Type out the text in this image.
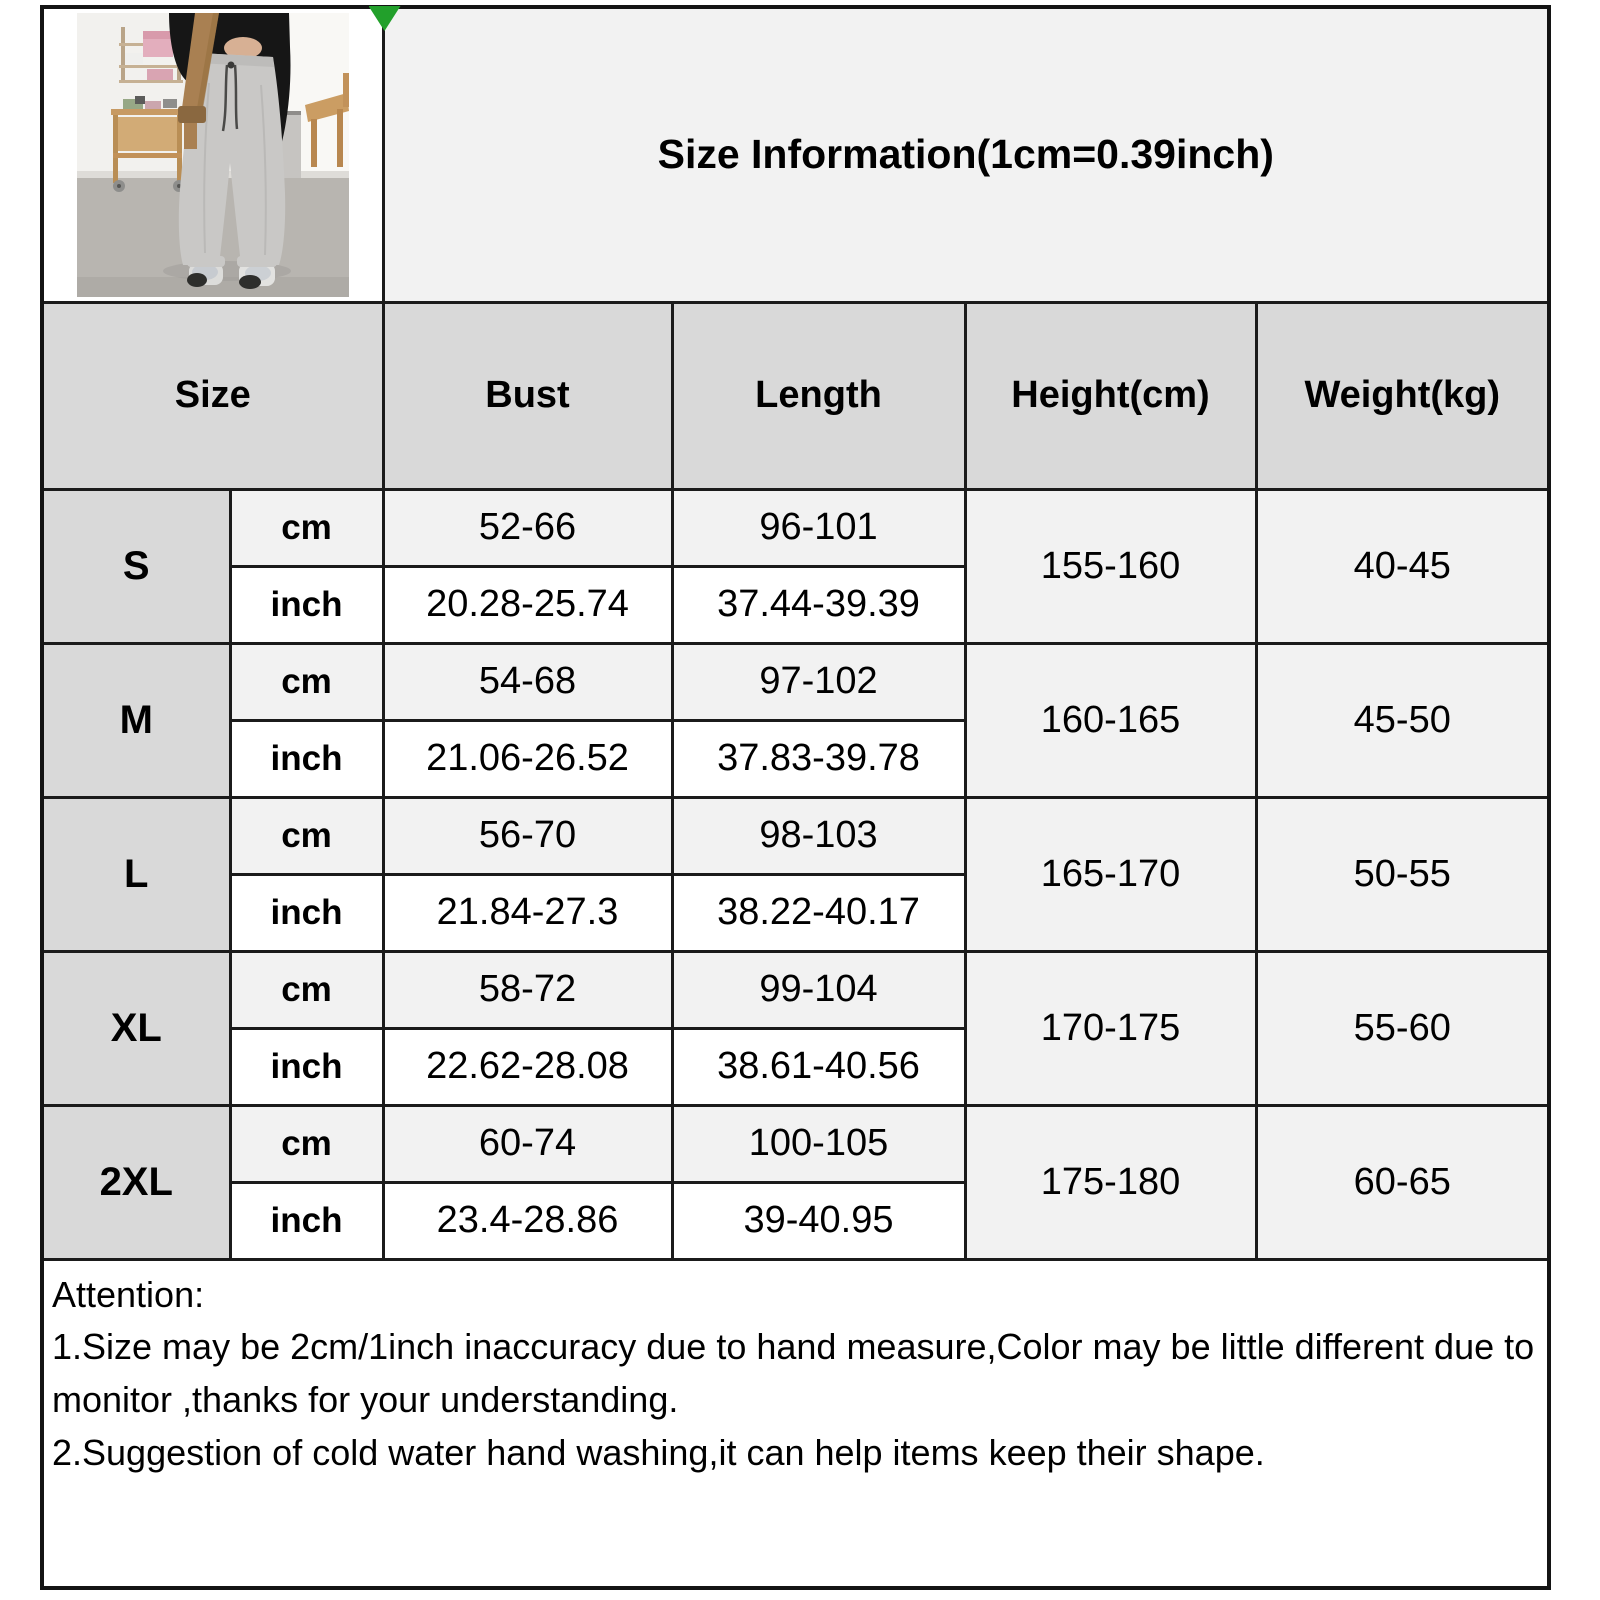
Size Information(1cm=0.39inch)			
Size		Bust	Length	Height(cm)	Weight(kg)
S	cm	52-66	96-101	155-160	40-45
	inch	20.28-25.74	37.44-39.39		
M	cm	54-68	97-102	160-165	45-50
	inch	21.06-26.52	37.83-39.78		
L	cm	56-70	98-103	165-170	50-55
	inch	21.84-27.3	38.22-40.17		
XL	cm	58-72	99-104	170-175	55-60
	inch	22.62-28.08	38.61-40.56		
2XL	cm	60-74	100-105	175-180	60-65
	inch	23.4-28.86	39-40.95		

Attention:
1.Size may be 2cm/1inch inaccuracy due to hand measure,Color may be little different due to monitor ,thanks for your understanding.
2.Suggestion of cold water hand washing,it can help items keep their shape.					
